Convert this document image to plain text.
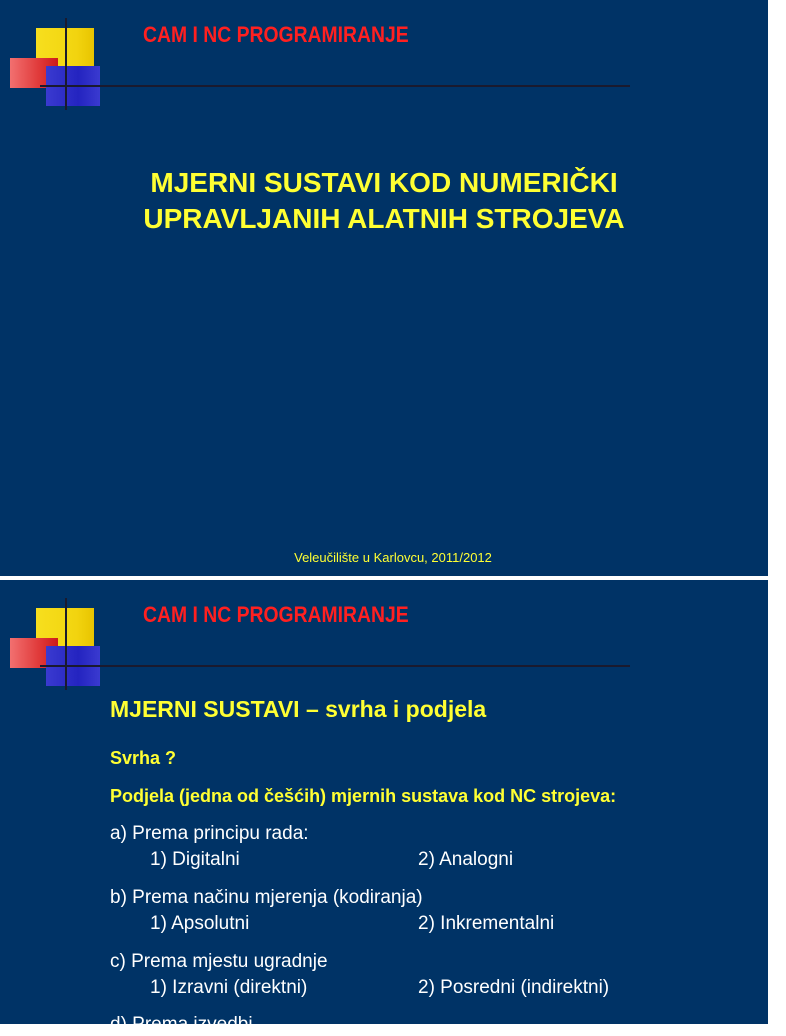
CAM I NC PROGRAMIRANJE
MJERNI SUSTAVI KOD NUMERIČKI
UPRAVLJANIH ALATNIH STROJEVA
Veleučilište u Karlovcu, 2011/2012
CAM I NC PROGRAMIRANJE
MJERNI SUSTAVI – svrha i podjela
Svrha ?
Podjela (jedna od češćih) mjernih sustava kod NC strojeva:
a) Prema principu rada:
1) Digitalni	2) Analogni
b) Prema načinu mjerenja (kodiranja)
1) Apsolutni	2) Inkrementalni
c) Prema mjestu ugradnje
1) Izravni (direktni)	2) Posredni (indirektni)
d) Prema izvedbi
